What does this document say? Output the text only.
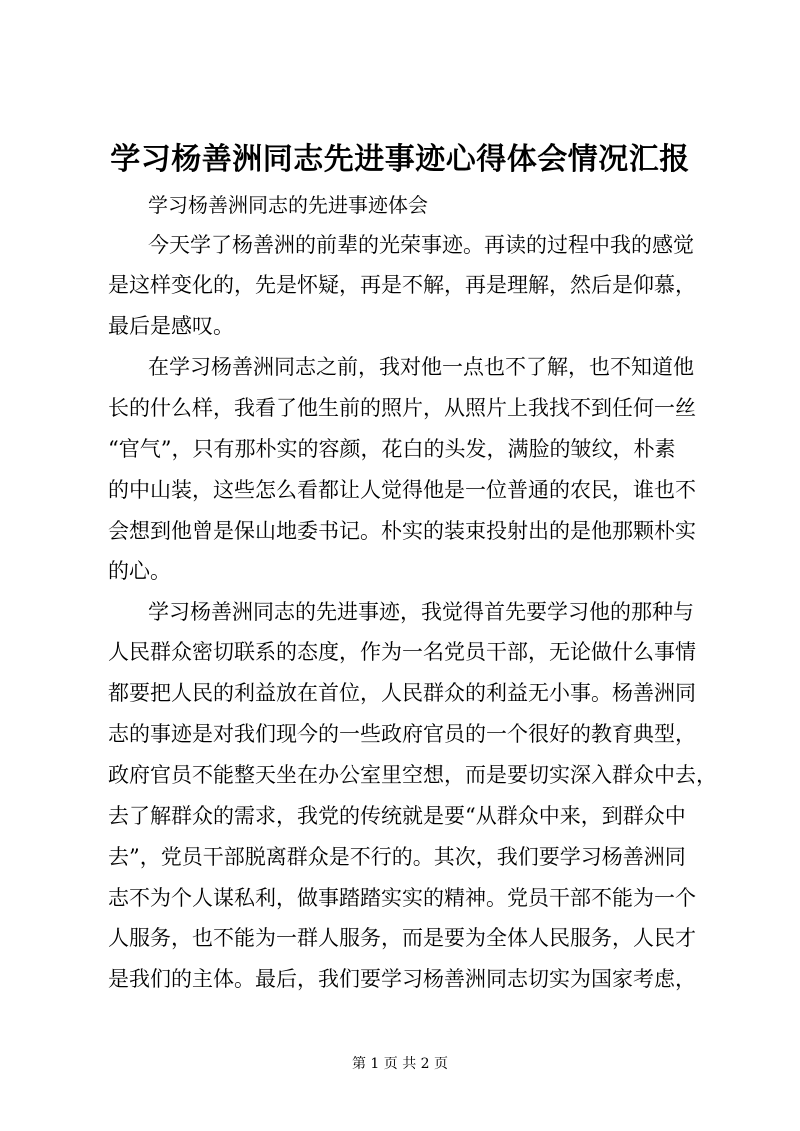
学习杨善洲同志先进事迹心得体会情况汇报

学习杨善洲同志的先进事迹体会

今天学了杨善洲的前辈的光荣事迹。再读的过程中我的感觉

是这样变化的，先是怀疑，再是不解，再是理解，然后是仰慕，

最后是感叹。

在学习杨善洲同志之前，我对他一点也不了解，也不知道他

长的什么样，我看了他生前的照片，从照片上我找不到任何一丝

“官气”，只有那朴实的容颜，花白的头发，满脸的皱纹，朴素

的中山装，这些怎么看都让人觉得他是一位普通的农民，谁也不

会想到他曾是保山地委书记。朴实的装束投射出的是他那颗朴实

的心。

学习杨善洲同志的先进事迹，我觉得首先要学习他的那种与

人民群众密切联系的态度，作为一名党员干部，无论做什么事情

都要把人民的利益放在首位，人民群众的利益无小事。杨善洲同

志的事迹是对我们现今的一些政府官员的一个很好的教育典型，

政府官员不能整天坐在办公室里空想，而是要切实深入群众中去，

去了解群众的需求，我党的传统就是要“从群众中来，到群众中

去”，党员干部脱离群众是不行的。其次，我们要学习杨善洲同

志不为个人谋私利，做事踏踏实实的精神。党员干部不能为一个

人服务，也不能为一群人服务，而是要为全体人民服务，人民才

是我们的主体。最后，我们要学习杨善洲同志切实为国家考虑，

第 1 页 共 2 页
